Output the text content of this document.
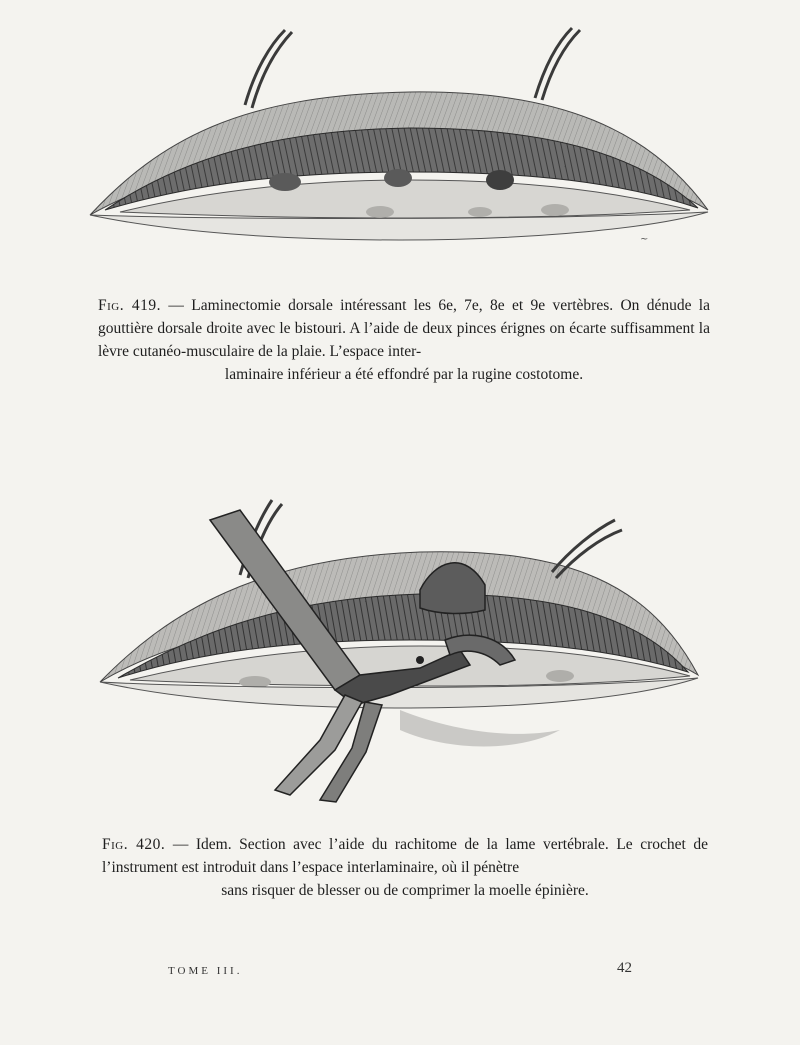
~
Fig. 419. — Laminectomie dorsale intéressant les 6e, 7e, 8e et 9e vertèbres. On dénude la gouttière dorsale droite avec le bistouri. A l’aide de deux pinces érignes on écarte suffisamment la lèvre cutanéo-musculaire de la plaie. L’espace inter-
laminaire inférieur a été effondré par la rugine costotome.
Fig. 420. — Idem. Section avec l’aide du rachitome de la lame vertébrale. Le crochet de l’instrument est introduit dans l’espace interlaminaire, où il pénètre
sans risquer de blesser ou de comprimer la moelle épinière.
TOME III.	42
